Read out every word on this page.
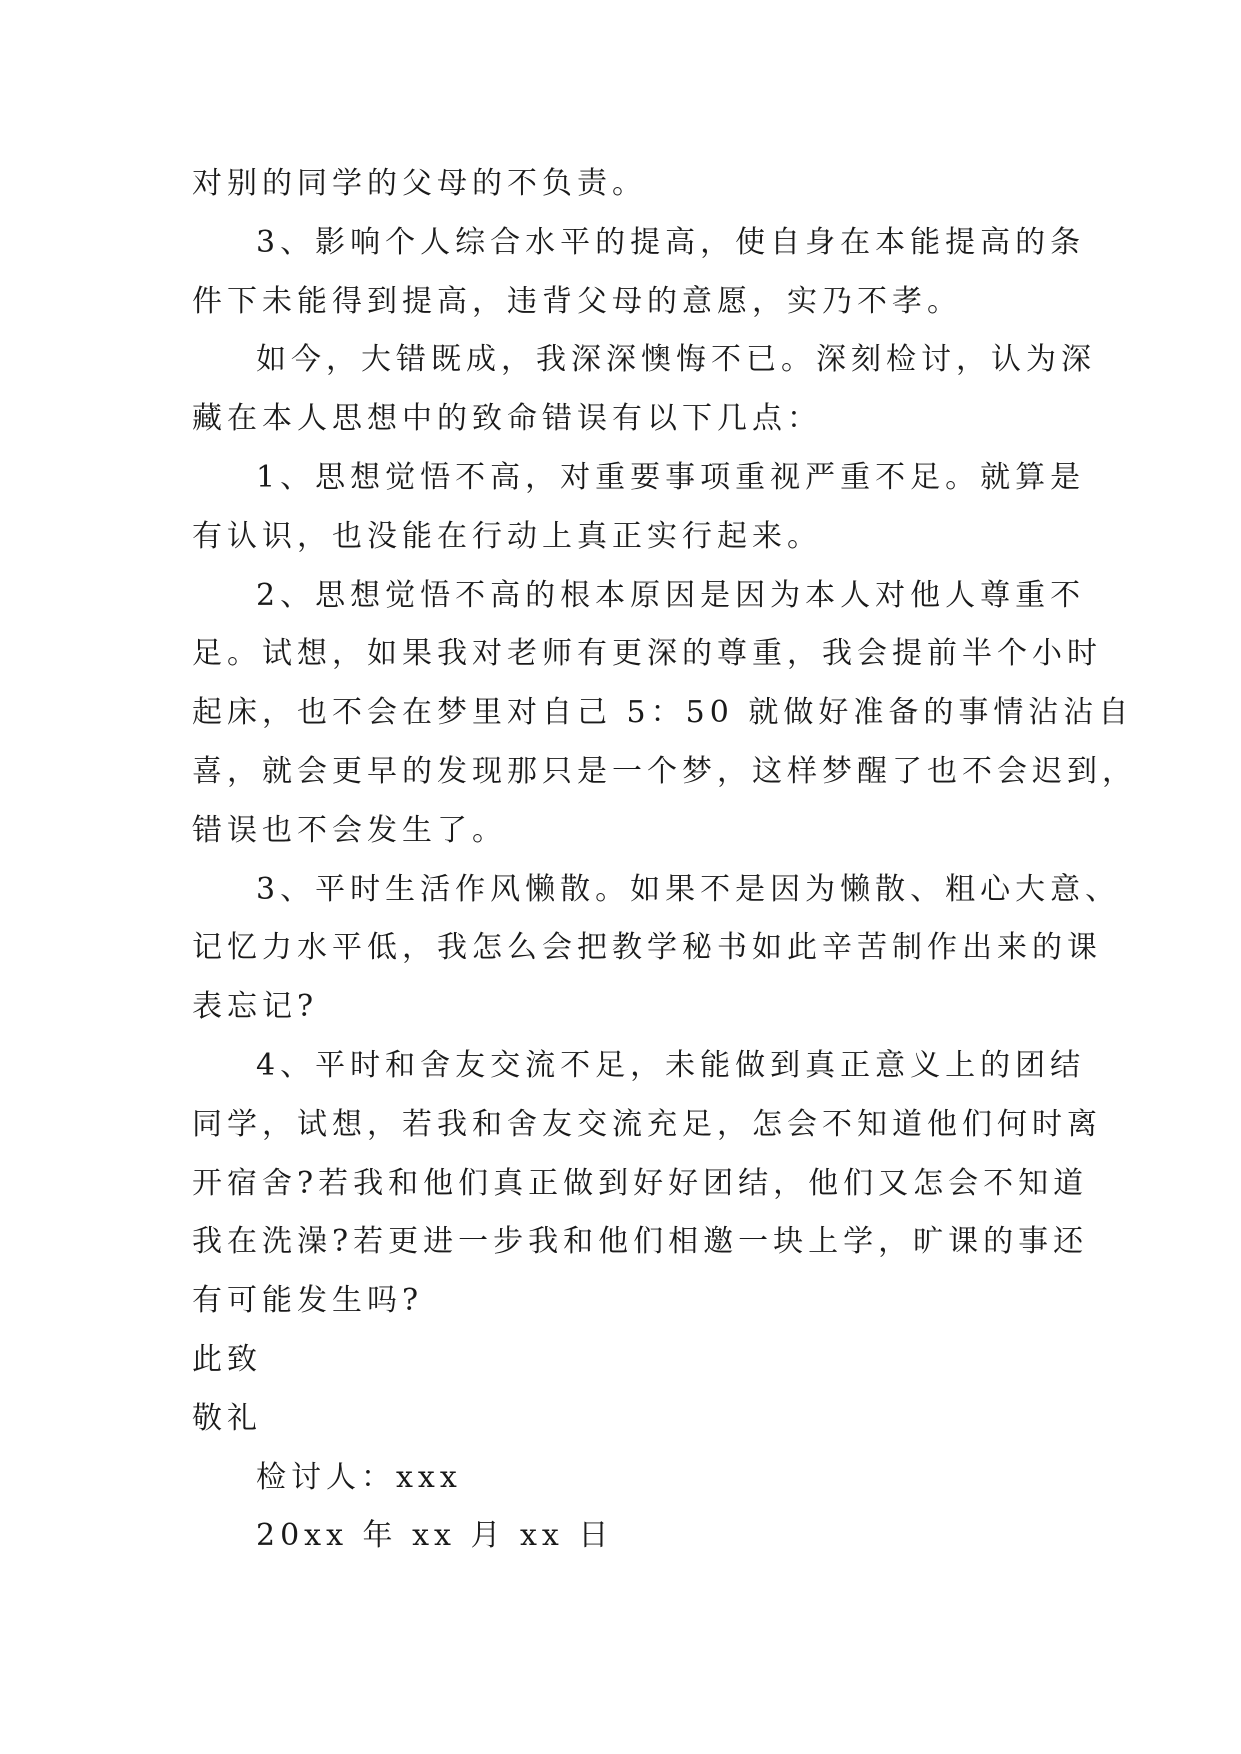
对别的同学的父母的不负责。
3、影响个人综合水平的提高，使自身在本能提高的条
件下未能得到提高，违背父母的意愿，实乃不孝。
如今，大错既成，我深深懊悔不已。深刻检讨，认为深
藏在本人思想中的致命错误有以下几点：
1、思想觉悟不高，对重要事项重视严重不足。就算是
有认识，也没能在行动上真正实行起来。
2、思想觉悟不高的根本原因是因为本人对他人尊重不
足。试想，如果我对老师有更深的尊重，我会提前半个小时
起床，也不会在梦里对自己 5：50 就做好准备的事情沾沾自
喜，就会更早的发现那只是一个梦，这样梦醒了也不会迟到，
错误也不会发生了。
3、平时生活作风懒散。如果不是因为懒散、粗心大意、
记忆力水平低，我怎么会把教学秘书如此辛苦制作出来的课
表忘记?
4、平时和舍友交流不足，未能做到真正意义上的团结
同学，试想，若我和舍友交流充足，怎会不知道他们何时离
开宿舍?若我和他们真正做到好好团结，他们又怎会不知道
我在洗澡?若更进一步我和他们相邀一块上学，旷课的事还
有可能发生吗?
此致
敬礼
检讨人：xxx
20xx 年 xx 月 xx 日
